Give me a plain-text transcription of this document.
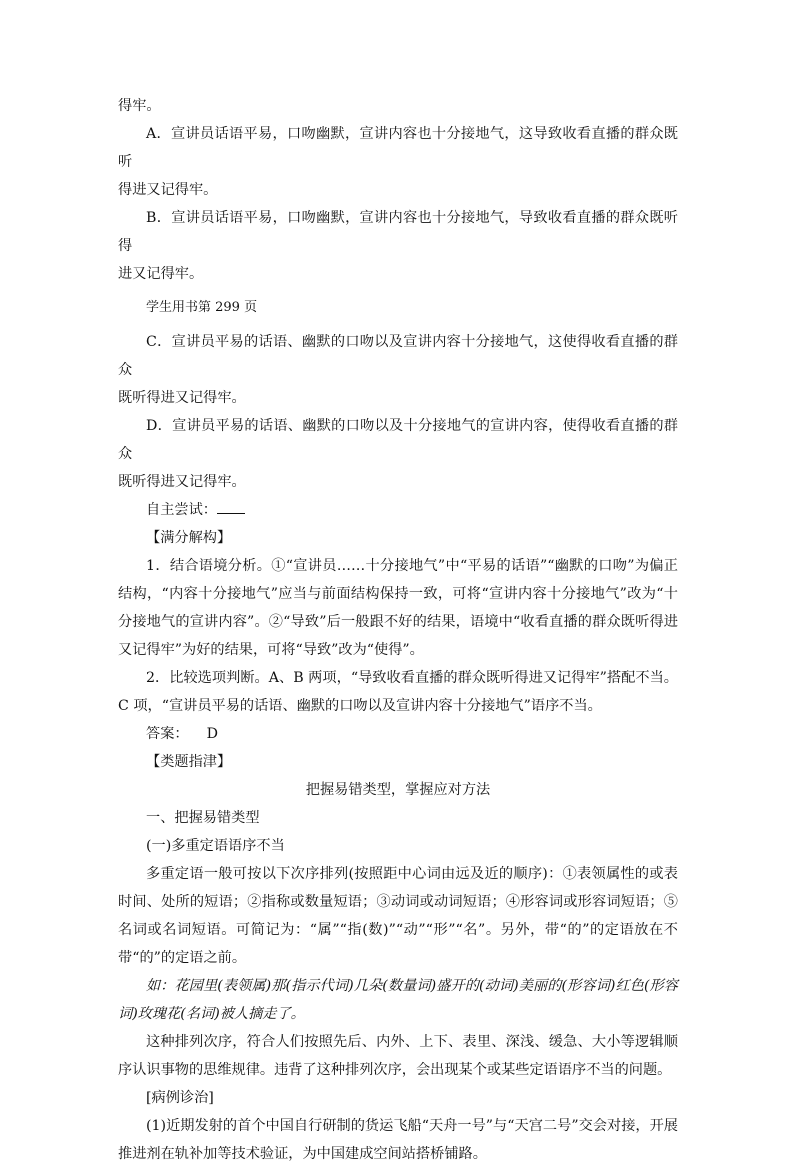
得牢。

A．宣讲员话语平易，口吻幽默，宣讲内容也十分接地气，这导致收看直播的群众既听

得进又记得牢。

B．宣讲员话语平易，口吻幽默，宣讲内容也十分接地气，导致收看直播的群众既听得

进又记得牢。

学生用书第 299 页

C．宣讲员平易的话语、幽默的口吻以及宣讲内容十分接地气，这使得收看直播的群众

既听得进又记得牢。

D．宣讲员平易的话语、幽默的口吻以及十分接地气的宣讲内容，使得收看直播的群众

既听得进又记得牢。

自主尝试：

【满分解构】

1．结合语境分析。①“宣讲员……十分接地气”中“平易的话语”“幽默的口吻”为偏正结构，“内容十分接地气”应当与前面结构保持一致，可将“宣讲内容十分接地气”改为“十分接地气的宣讲内容”。②“导致”后一般跟不好的结果，语境中“收看直播的群众既听得进又记得牢”为好的结果，可将“导致”改为“使得”。

2．比较选项判断。A、B 两项，“导致收看直播的群众既听得进又记得牢”搭配不当。C 项，“宣讲员平易的话语、幽默的口吻以及宣讲内容十分接地气”语序不当。

答案： D

【类题指津】

把握易错类型，掌握应对方法

一、把握易错类型

(一)多重定语语序不当

多重定语一般可按以下次序排列(按照距中心词由远及近的顺序)：①表领属性的或表时间、处所的短语；②指称或数量短语；③动词或动词短语；④形容词或形容词短语；⑤名词或名词短语。可简记为：“属”“指(数)”“动”“形”“名”。另外，带“的”的定语放在不带“的”的定语之前。

如：花园里(表领属)那(指示代词)几朵(数量词)盛开的(动词)美丽的(形容词)红色(形容词)玫瑰花(名词)被人摘走了。

这种排列次序，符合人们按照先后、内外、上下、表里、深浅、缓急、大小等逻辑顺序认识事物的思维规律。违背了这种排列次序，会出现某个或某些定语语序不当的问题。

[病例诊治]

(1)近期发射的首个中国自行研制的货运飞船“天舟一号”与“天宫二号”交会对接，开展推进剂在轨补加等技术验证，为中国建成空间站搭桥铺路。
